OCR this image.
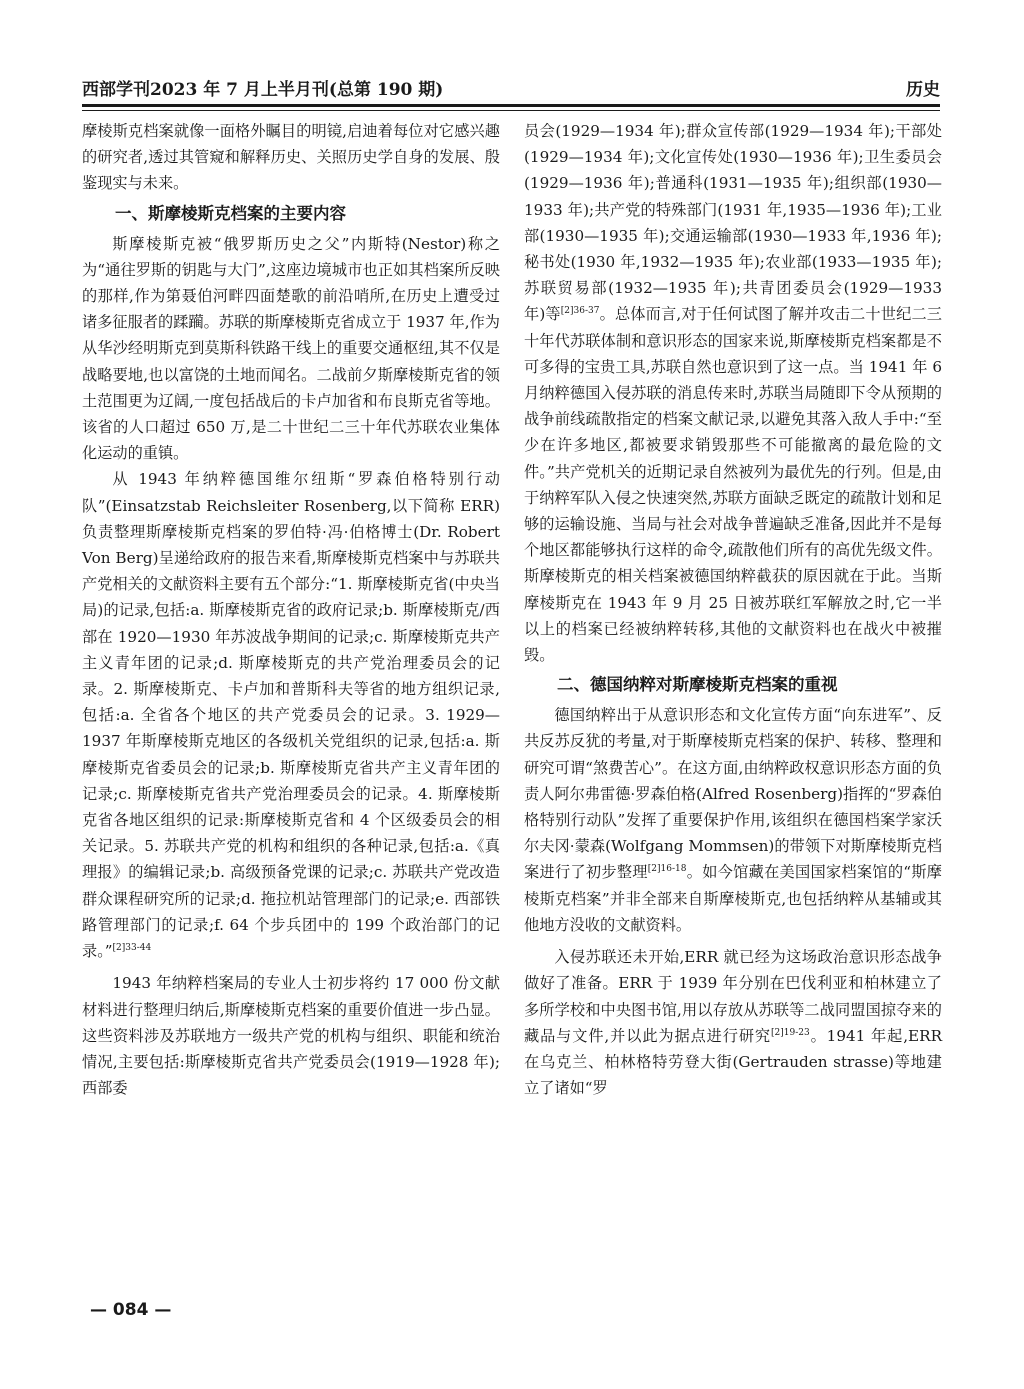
西部学刊2023 年 7 月上半月刊(总第 190 期)	历史

摩棱斯克档案就像一面格外瞩目的明镜,启迪着每位对它感兴趣的研究者,透过其管窥和解释历史、关照历史学自身的发展、殷鉴现实与未来。

一、斯摩棱斯克档案的主要内容

斯摩棱斯克被“俄罗斯历史之父”内斯特(Nestor)称之为“通往罗斯的钥匙与大门”,这座边境城市也正如其档案所反映的那样,作为第聂伯河畔四面楚歌的前沿哨所,在历史上遭受过诸多征服者的蹂躏。苏联的斯摩棱斯克省成立于 1937 年,作为从华沙经明斯克到莫斯科铁路干线上的重要交通枢纽,其不仅是战略要地,也以富饶的土地而闻名。二战前夕斯摩棱斯克省的领土范围更为辽阔,一度包括战后的卡卢加省和布良斯克省等地。该省的人口超过 650 万,是二十世纪二三十年代苏联农业集体化运动的重镇。

从 1943 年纳粹德国维尔纽斯“罗森伯格特别行动队”(Einsatzstab Reichsleiter Rosenberg,以下简称 ERR)负责整理斯摩棱斯克档案的罗伯特·冯·伯格博士(Dr. Robert Von Berg)呈递给政府的报告来看,斯摩棱斯克档案中与苏联共产党相关的文献资料主要有五个部分:“1. 斯摩棱斯克省(中央当局)的记录,包括:a. 斯摩棱斯克省的政府记录;b. 斯摩棱斯克/西部在 1920—1930 年苏波战争期间的记录;c. 斯摩棱斯克共产主义青年团的记录;d. 斯摩棱斯克的共产党治理委员会的记录。2. 斯摩棱斯克、卡卢加和普斯科夫等省的地方组织记录,包括:a. 全省各个地区的共产党委员会的记录。3. 1929—1937 年斯摩棱斯克地区的各级机关党组织的记录,包括:a. 斯摩棱斯克省委员会的记录;b. 斯摩棱斯克省共产主义青年团的记录;c. 斯摩棱斯克省共产党治理委员会的记录。4. 斯摩棱斯克省各地区组织的记录:斯摩棱斯克省和 4 个区级委员会的相关记录。5. 苏联共产党的机构和组织的各种记录,包括:a.《真理报》的编辑记录;b. 高级预备党课的记录;c. 苏联共产党改造群众课程研究所的记录;d. 拖拉机站管理部门的记录;e. 西部铁路管理部门的记录;f. 64 个步兵团中的 199 个政治部门的记录。”$^{[2]33-44}$

1943 年纳粹档案局的专业人士初步将约 17 000 份文献材料进行整理归纳后,斯摩棱斯克档案的重要价值进一步凸显。这些资料涉及苏联地方一级共产党的机构与组织、职能和统治情况,主要包括:斯摩棱斯克省共产党委员会(1919—1928 年);西部委

员会(1929—1934 年);群众宣传部(1929—1934 年);干部处(1929—1934 年);文化宣传处(1930—1936 年);卫生委员会(1929—1936 年);普通科(1931—1935 年);组织部(1930—1933 年);共产党的特殊部门(1931 年,1935—1936 年);工业部(1930—1935 年);交通运输部(1930—1933 年,1936 年);秘书处(1930 年,1932—1935 年);农业部(1933—1935 年);苏联贸易部(1932—1935 年);共青团委员会(1929—1933 年)等$^{[2]36-37}$。总体而言,对于任何试图了解并攻击二十世纪二三十年代苏联体制和意识形态的国家来说,斯摩棱斯克档案都是不可多得的宝贵工具,苏联自然也意识到了这一点。当 1941 年 6 月纳粹德国入侵苏联的消息传来时,苏联当局随即下令从预期的战争前线疏散指定的档案文献记录,以避免其落入敌人手中:“至少在许多地区,都被要求销毁那些不可能撤离的最危险的文件。”共产党机关的近期记录自然被列为最优先的行列。但是,由于纳粹军队入侵之快速突然,苏联方面缺乏既定的疏散计划和足够的运输设施、当局与社会对战争普遍缺乏准备,因此并不是每个地区都能够执行这样的命令,疏散他们所有的高优先级文件。斯摩棱斯克的相关档案被德国纳粹截获的原因就在于此。当斯摩棱斯克在 1943 年 9 月 25 日被苏联红军解放之时,它一半以上的档案已经被纳粹转移,其他的文献资料也在战火中被摧毁。

二、德国纳粹对斯摩棱斯克档案的重视

德国纳粹出于从意识形态和文化宣传方面“向东进军”、反共反苏反犹的考量,对于斯摩棱斯克档案的保护、转移、整理和研究可谓“煞费苦心”。在这方面,由纳粹政权意识形态方面的负责人阿尔弗雷德·罗森伯格(Alfred Rosenberg)指挥的“罗森伯格特别行动队”发挥了重要保护作用,该组织在德国档案学家沃尔夫冈·蒙森(Wolfgang Mommsen)的带领下对斯摩棱斯克档案进行了初步整理$^{[2]16-18}$。如今馆藏在美国国家档案馆的“斯摩棱斯克档案”并非全部来自斯摩棱斯克,也包括纳粹从基辅或其他地方没收的文献资料。

入侵苏联还未开始,ERR 就已经为这场政治意识形态战争做好了准备。ERR 于 1939 年分别在巴伐利亚和柏林建立了多所学校和中央图书馆,用以存放从苏联等二战同盟国掠夺来的藏品与文件,并以此为据点进行研究$^{[2]19-23}$。1941 年起,ERR 在乌克兰、柏林格特劳登大街(Gertrauden strasse)等地建立了诸如“罗

— 084 —
